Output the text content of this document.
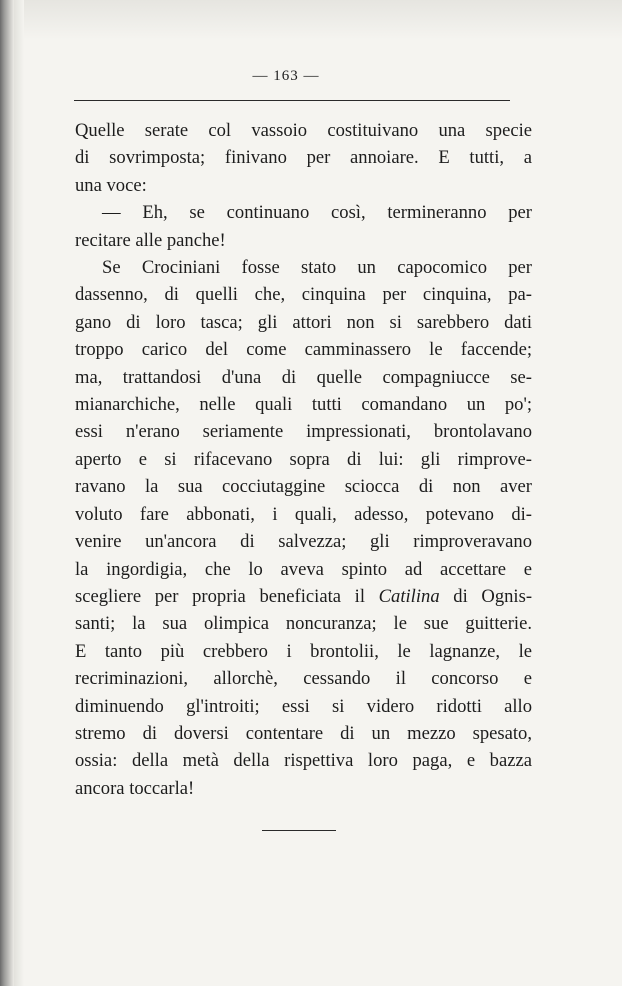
— 163 —
Quelle serate col vassoio costituivano una specie
di sovrimposta; finivano per annoiare. E tutti, a
una voce:
— Eh, se continuano così, termineranno per
recitare alle panche!
Se Crociniani fosse stato un capocomico per
dassenno, di quelli che, cinquina per cinquina, pa-
gano di loro tasca; gli attori non si sarebbero dati
troppo carico del come camminassero le faccende;
ma, trattandosi d'una di quelle compagniucce se-
mianarchiche, nelle quali tutti comandano un po';
essi n'erano seriamente impressionati, brontolavano
aperto e si rifacevano sopra di lui: gli rimprove-
ravano la sua cocciutaggine sciocca di non aver
voluto fare abbonati, i quali, adesso, potevano di-
venire un'ancora di salvezza; gli rimproveravano
la ingordigia, che lo aveva spinto ad accettare e
scegliere per propria beneficiata il Catilina di Ognis-
santi; la sua olimpica noncuranza; le sue guitterie.
E tanto più crebbero i brontolii, le lagnanze, le
recriminazioni, allorchè, cessando il concorso e
diminuendo gl'introiti; essi si videro ridotti allo
stremo di doversi contentare di un mezzo spesato,
ossia: della metà della rispettiva loro paga, e bazza
ancora toccarla!
